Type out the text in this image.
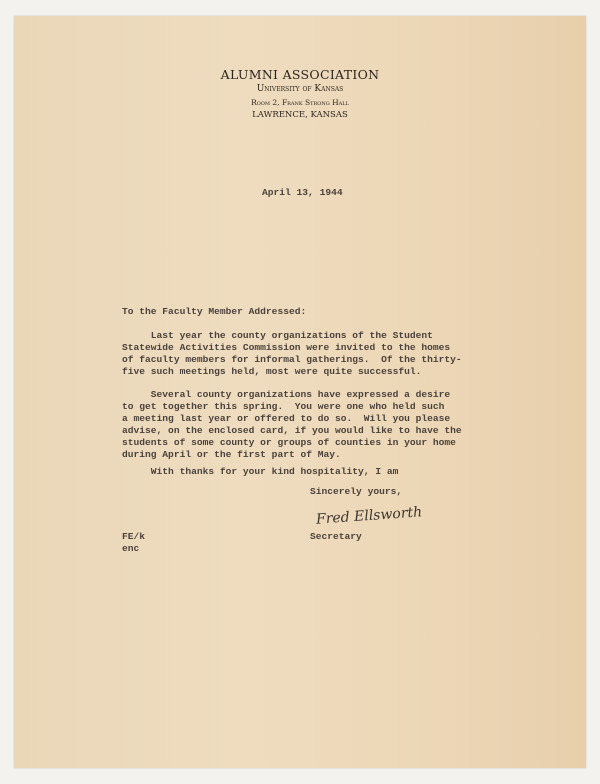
ALUMNI ASSOCIATION
University of Kansas
Room 2, Frank Strong Hall
LAWRENCE, KANSAS
April 13, 1944
To the Faculty Member Addressed:
Last year the county organizations of the Student
Statewide Activities Commission were invited to the homes
of faculty members for informal gatherings.  Of the thirty-
five such meetings held, most were quite successful.
Several county organizations have expressed a desire
to get together this spring.  You were one who held such
a meeting last year or offered to do so.  Will you please
advise, on the enclosed card, if you would like to have the
students of some county or groups of counties in your home
during April or the first part of May.
With thanks for your kind hospitality, I am
Sincerely yours,
Fred Ellsworth
Secretary
FE/k
enc
